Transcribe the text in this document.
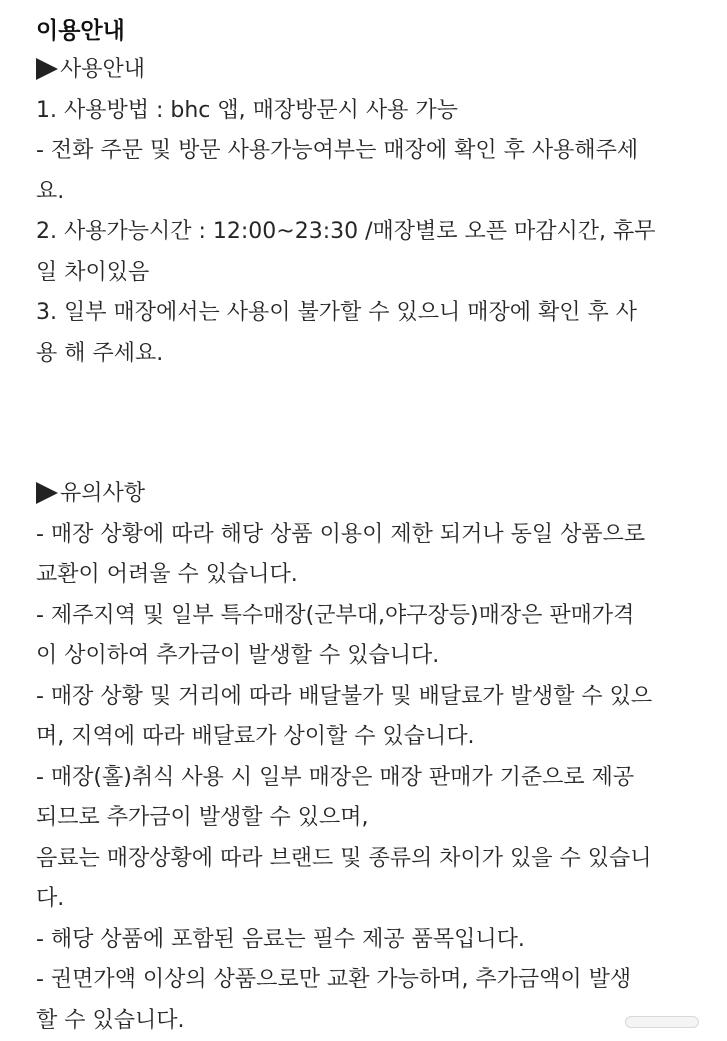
이용안내
사용안내
1. 사용방법 : bhc 앱, 매장방문시 사용 가능
- 전화 주문 및 방문 사용가능여부는 매장에 확인 후 사용해주세
요.
2. 사용가능시간 : 12:00~23:30 /매장별로 오픈 마감시간, 휴무
일 차이있음
3. 일부 매장에서는 사용이 불가할 수 있으니 매장에 확인 후 사
용 해 주세요.
유의사항
- 매장 상황에 따라 해당 상품 이용이 제한 되거나 동일 상품으로
교환이 어려울 수 있습니다.
- 제주지역 및 일부 특수매장(군부대,야구장등)매장은 판매가격
이 상이하여 추가금이 발생할 수 있습니다.
- 매장 상황 및 거리에 따라 배달불가 및 배달료가 발생할 수 있으
며, 지역에 따라 배달료가 상이할 수 있습니다.
- 매장(홀)취식 사용 시 일부 매장은 매장 판매가 기준으로 제공
되므로 추가금이 발생할 수 있으며,
음료는 매장상황에 따라 브랜드 및 종류의 차이가 있을 수 있습니
다.
- 해당 상품에 포함된 음료는 필수 제공 품목입니다.
- 권면가액 이상의 상품으로만 교환 가능하며, 추가금액이 발생
할 수 있습니다.
